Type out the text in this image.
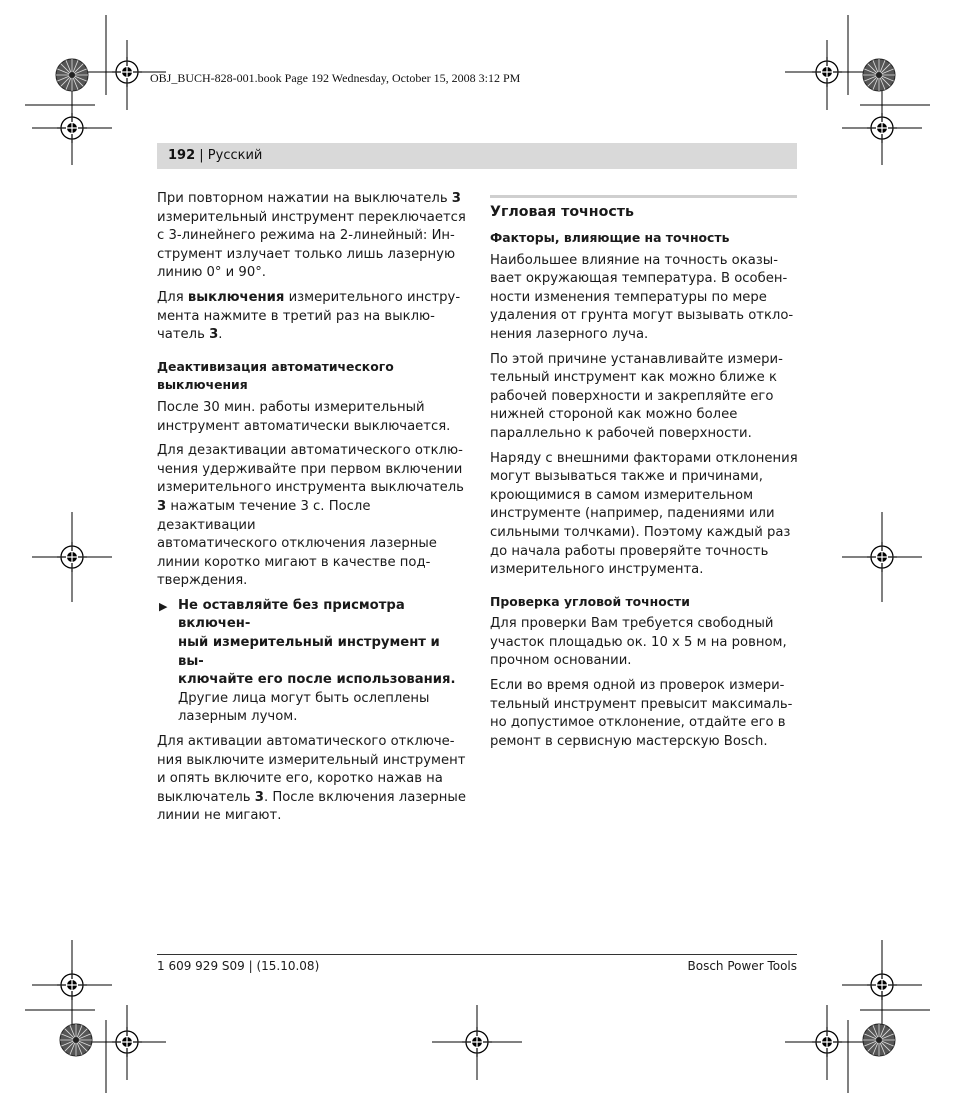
OBJ_BUCH-828-001.book Page 192 Wednesday, October 15, 2008 3:12 PM
192 | Русский

При повторном нажатии на выключатель 3
измерительный инструмент переключается
с 3-линейнего режима на 2-линейный: Ин-
струмент излучает только лишь лазерную
линию 0° и 90°.

Для выключения измерительного инстру-
мента нажмите в третий раз на выклю-
чатель 3.

Деактивизация автоматического
выключения

После 30 мин. работы измерительный
инструмент автоматически выключается.

Для дезактивации автоматического отклю-
чения удерживайте при первом включении
измерительного инструмента выключатель
3 нажатым течение 3 с. После дезактивации
автоматического отключения лазерные
линии коротко мигают в качестве под-
тверждения.

▶ Не оставляйте без присмотра включен-
ный измерительный инструмент и вы-
ключайте его после использования.
Другие лица могут быть ослеплены
лазерным лучом.

Для активации автоматического отключе-
ния выключите измерительный инструмент
и опять включите его, коротко нажав на
выключатель 3. После включения лазерные
линии не мигают.

Угловая точность
Факторы, влияющие на точность

Наибольшее влияние на точность оказы-
вает окружающая температура. В особен-
ности изменения температуры по мере
удаления от грунта могут вызывать откло-
нения лазерного луча.

По этой причине устанавливайте измери-
тельный инструмент как можно ближе к
рабочей поверхности и закрепляйте его
нижней стороной как можно более
параллельно к рабочей поверхности.

Наряду с внешними факторами отклонения
могут вызываться также и причинами,
кроющимися в самом измерительном
инструменте (например, падениями или
сильными толчками). Поэтому каждый раз
до начала работы проверяйте точность
измерительного инструмента.

Проверка угловой точности

Для проверки Вам требуется свободный
участок площадью ок. 10 x 5 м на ровном,
прочном основании.

Если во время одной из проверок измери-
тельный инструмент превысит максималь-
но допустимое отклонение, отдайте его в
ремонт в сервисную мастерскую Bosch.

1 609 929 S09 | (15.10.08)	Bosch Power Tools
